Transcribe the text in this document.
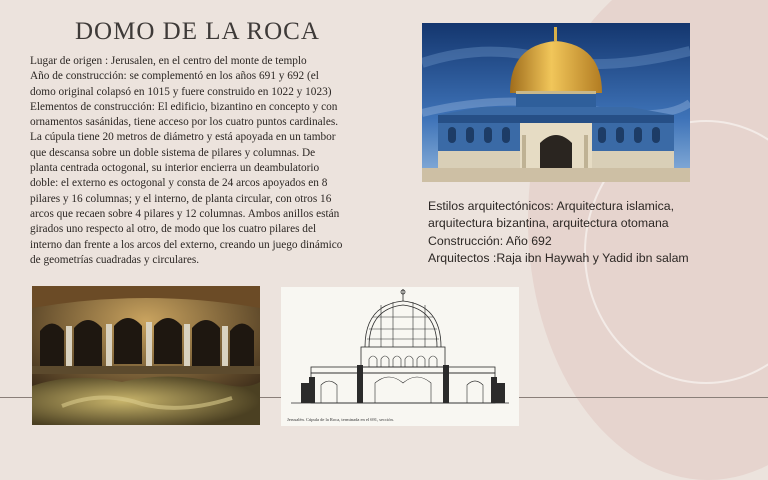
DOMO DE LA ROCA
Lugar de origen : Jerusalen, en el centro del monte de templo
Año de construcción: se complementó en los años 691 y 692 (el
domo original colapsó en 1015 y fuere construido en 1022 y 1023)
Elementos de construcción: El edificio, bizantino en concepto y con
ornamentos sasánidas, tiene acceso por los cuatro puntos cardinales.
La cúpula tiene 20 metros de diámetro y está apoyada en un tambor
que descansa sobre un doble sistema de pilares y columnas. De
planta centrada octogonal, su interior encierra un deambulatorio
doble: el externo es octogonal y consta de 24 arcos apoyados en 8
pilares y 16 columnas; y el interno, de planta circular, con otros 16
arcos que recaen sobre 4 pilares y 12 columnas. Ambos anillos están
girados uno respecto al otro, de modo que los cuatro pilares del
interno dan frente a los arcos del externo, creando un juego dinámico
de geometrías cuadradas y circulares.
Estilos arquitectónicos: Arquitectura islamica,
arquitectura bizantina, arquitectura otomana
Construcción: Año 692
Arquitectos :Raja ibn Haywah y Yadid ibn salam
Jerusalén. Cúpula de la Roca, terminada en el 691, sección.
